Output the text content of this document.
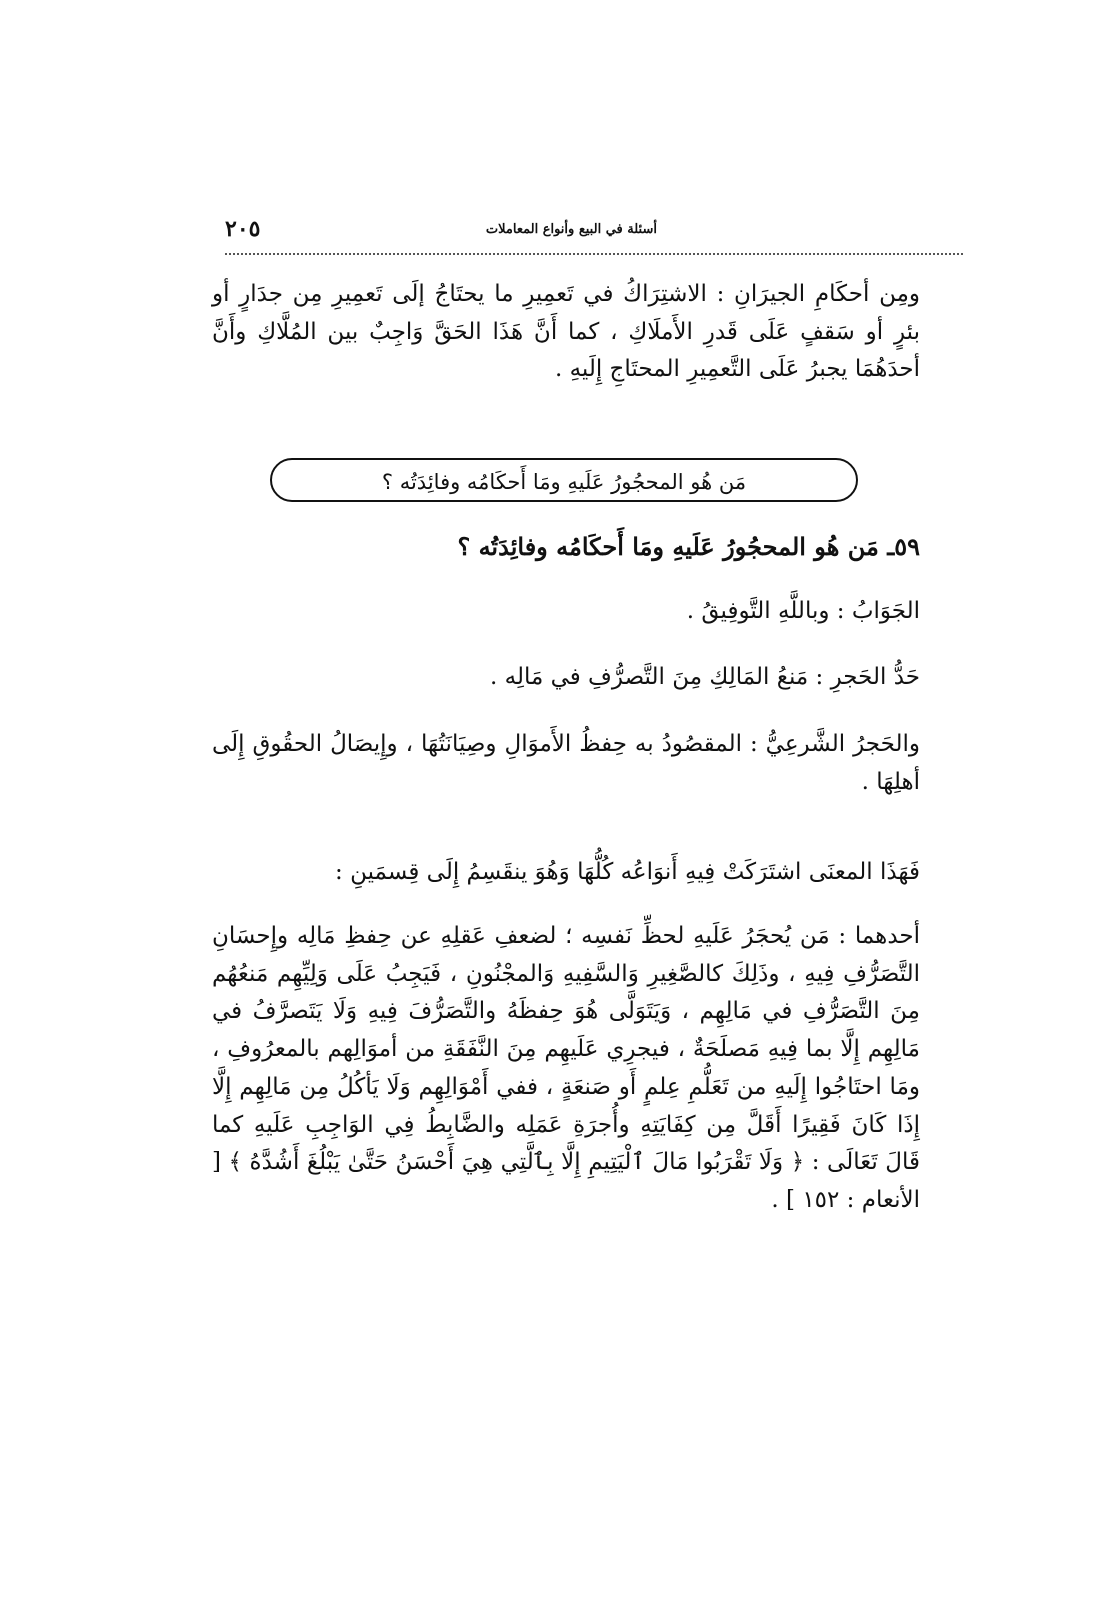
أسئلة في البيع وأنواع المعاملات
٢٠٥
ومِن أحكَامِ الجيرَانِ : الاشتِرَاكُ في تَعمِيرِ ما يحتَاجُ إلَى تَعمِيرِ مِن جدَارٍ أو بئرٍ أو سَقفٍ عَلَى قَدرِ الأَملَاكِ ، كما أَنَّ هَذَا الحَقَّ وَاجِبٌ بين المُلَّاكِ وأَنَّ أحدَهُمَا يجبرُ عَلَى التَّعمِيرِ المحتَاجِ إِلَيهِ .
مَن هُو المحجُورُ عَلَيهِ ومَا أَحكَامُه وفائِدَتُه ؟
٥٩ـ مَن هُو المحجُورُ عَلَيهِ ومَا أَحكَامُه وفائِدَتُه ؟
الجَوَابُ : وباللَّهِ التَّوفِيقُ .
حَدُّ الحَجرِ : مَنعُ المَالِكِ مِنَ التَّصرُّفِ في مَالِه .
والحَجرُ الشَّرعِيُّ : المقصُودُ به حِفظُ الأَموَالِ وصِيَانَتُهَا ، وإِيصَالُ الحقُوقِ إِلَى أهلِهَا .
فَهَذَا المعنَى اشتَرَكَتْ فِيهِ أَنوَاعُه كُلُّهَا وَهُوَ ينقَسِمُ إِلَى قِسمَينِ :
أحدهما : مَن يُحجَرُ عَلَيهِ لحظِّ نَفسِه ؛ لضعفِ عَقلِهِ عن حِفظِ مَالِه وإِحسَانِ التَّصَرُّفِ فِيهِ ، وذَلِكَ كالصَّغِيرِ وَالسَّفِيهِ وَالمجْنُونِ ، فَيَجِبُ عَلَى وَلِيِّهِم مَنعُهُم مِنَ التَّصَرُّفِ في مَالِهِم ، وَيَتَوَلَّى هُوَ حِفظَهُ والتَّصَرُّفَ فِيهِ وَلَا يَتَصرَّفُ في مَالِهِم إِلَّا بما فِيهِ مَصلَحَةٌ ، فيجرِي عَلَيهِم مِنَ النَّفَقَةِ من أموَالِهم بالمعرُوفِ ، ومَا احتَاجُوا إِلَيهِ من تَعَلُّمِ عِلمٍ أَو صَنعَةٍ ، ففي أَمْوَالِهِم وَلَا يَأكُلُ مِن مَالِهِم إِلَّا إِذَا كَانَ فَقِيرًا أَقَلَّ مِن كِفَايَتِهِ وأُجرَةِ عَمَلِه والضَّابِطُ فِي الوَاجِبِ عَلَيهِ كما قَالَ تَعَالَى : ﴿ وَلَا تَقْرَبُوا مَالَ ٱلْيَتِيمِ إِلَّا بِٱلَّتِي هِيَ أَحْسَنُ حَتَّىٰ يَبْلُغَ أَشُدَّهُ ﴾ [ الأنعام : ١٥٢ ] .
